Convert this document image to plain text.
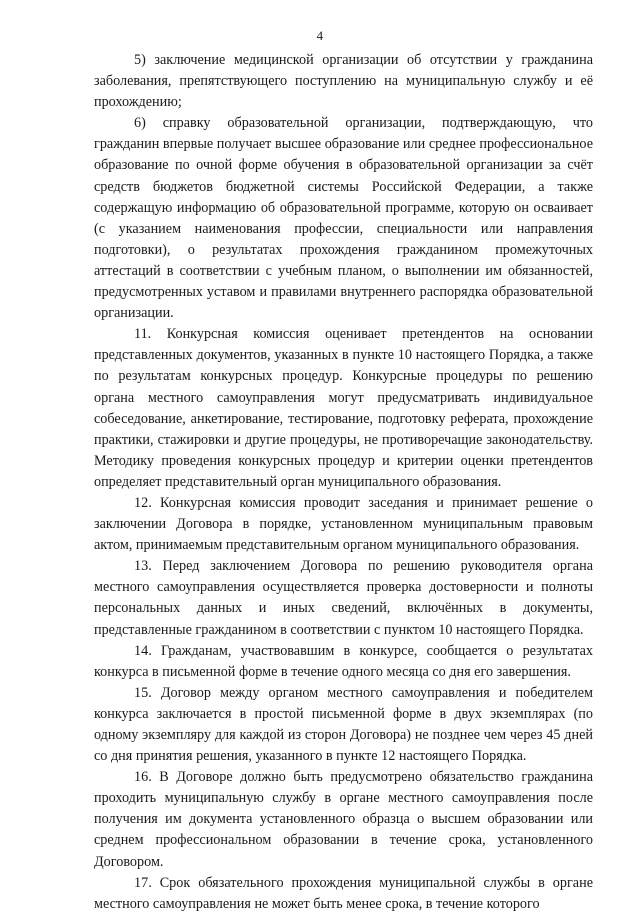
4

5) заключение медицинской организации об отсутствии у гражданина заболевания, препятствующего поступлению на муниципальную службу и её прохождению;

6) справку образовательной организации, подтверждающую, что гражданин впервые получает высшее образование или среднее профессиональное образование по очной форме обучения в образовательной организации за счёт средств бюджетов бюджетной системы Российской Федерации, а также содержащую информацию об образовательной программе, которую он осваивает (с указанием наименования профессии, специальности или направления подготовки), о результатах прохождения гражданином промежуточных аттестаций в соответствии с учебным планом, о выполнении им обязанностей, предусмотренных уставом и правилами внутреннего распорядка образовательной организации.

11. Конкурсная комиссия оценивает претендентов на основании представленных документов, указанных в пункте 10 настоящего Порядка, а также по результатам конкурсных процедур. Конкурсные процедуры по решению органа местного самоуправления могут предусматривать индивидуальное собеседование, анкетирование, тестирование, подготовку реферата, прохождение практики, стажировки и другие процедуры, не противоречащие законодательству. Методику проведения конкурсных процедур и критерии оценки претендентов определяет представительный орган муниципального образования.

12. Конкурсная комиссия проводит заседания и принимает решение о заключении Договора в порядке, установленном муниципальным правовым актом, принимаемым представительным органом муниципального образования.

13. Перед заключением Договора по решению руководителя органа местного самоуправления осуществляется проверка достоверности и полноты персональных данных и иных сведений, включённых в документы, представленные гражданином в соответствии с пунктом 10 настоящего Порядка.

14. Гражданам, участвовавшим в конкурсе, сообщается о результатах конкурса в письменной форме в течение одного месяца со дня его завершения.

15. Договор между органом местного самоуправления и победителем конкурса заключается в простой письменной форме в двух экземплярах (по одному экземпляру для каждой из сторон Договора) не позднее чем через 45 дней со дня принятия решения, указанного в пункте 12 настоящего Порядка.

16. В Договоре должно быть предусмотрено обязательство гражданина проходить муниципальную службу в органе местного самоуправления после получения им документа установленного образца о высшем образовании или среднем профессиональном образовании в течение срока, установленного Договором.

17. Срок обязательного прохождения муниципальной службы в органе местного самоуправления не может быть менее срока, в течение которого
